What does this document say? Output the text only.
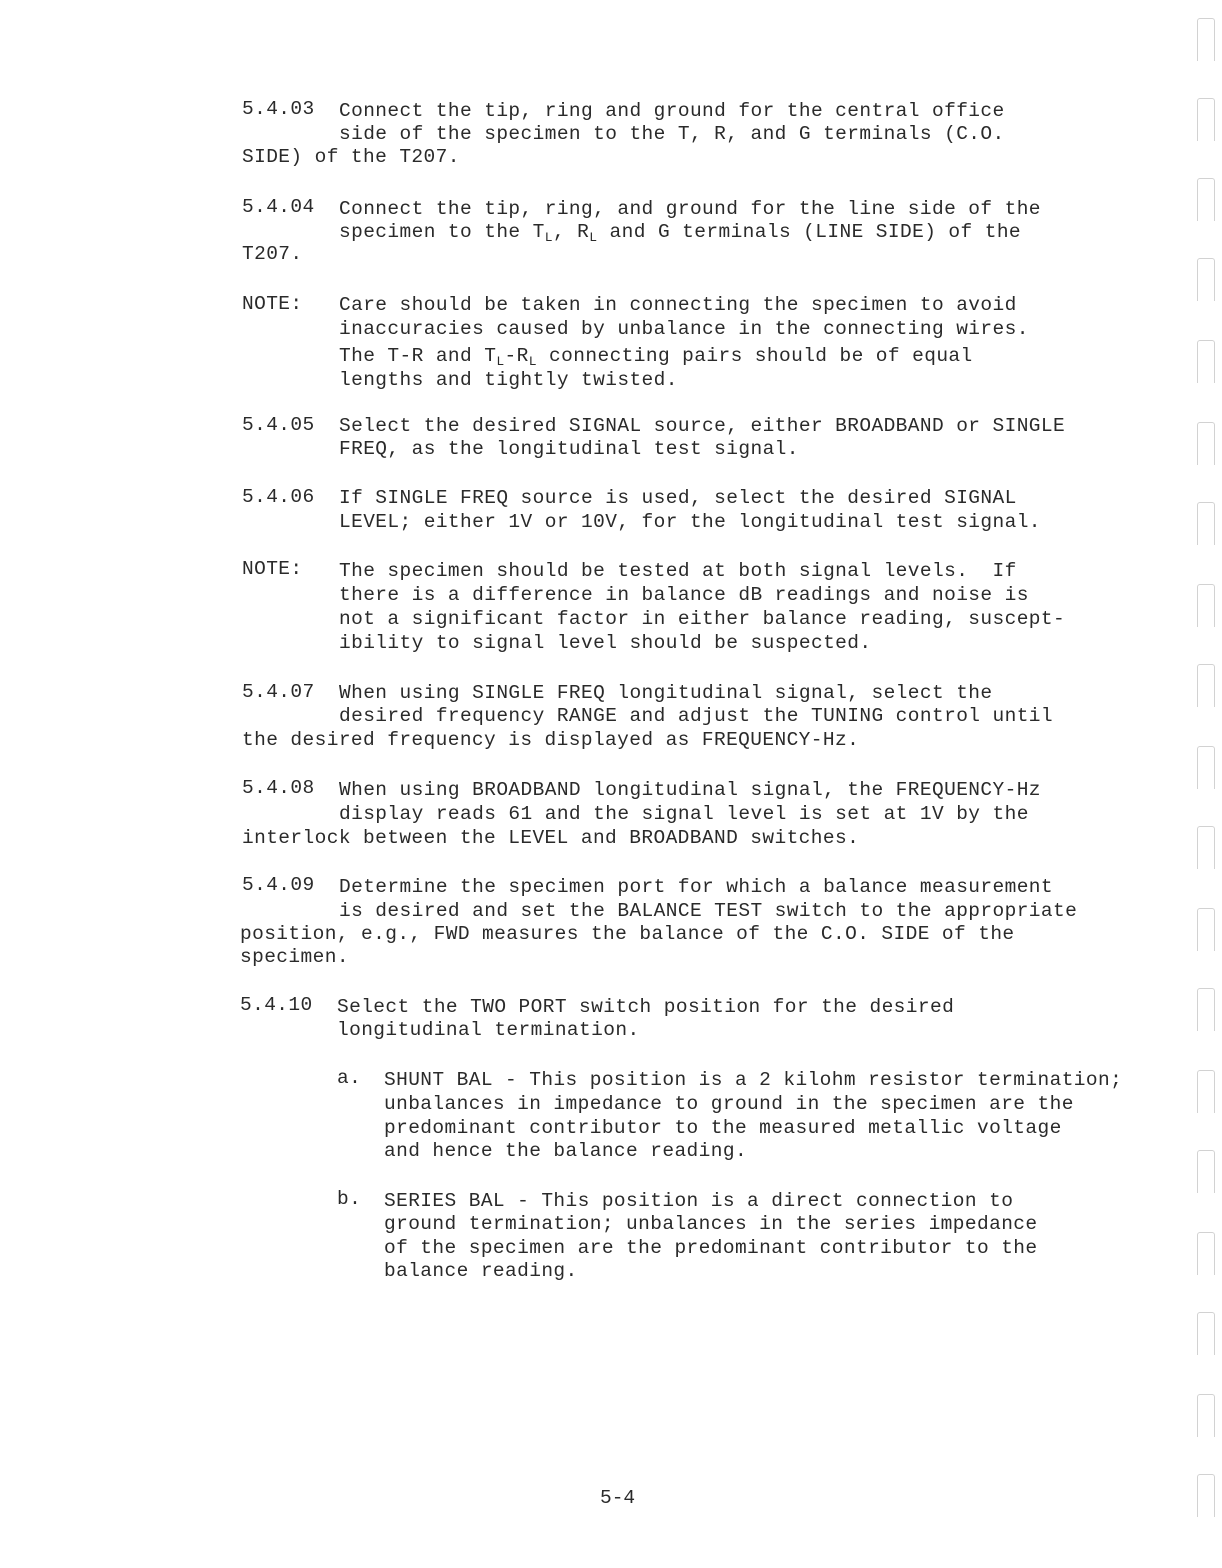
5.4.03 Connect the tip, ring and ground for the central office
side of the specimen to the T, R, and G terminals (C.O.
SIDE) of the T207.
5.4.04 Connect the tip, ring, and ground for the line side of the
specimen to the $T_L$, $R_L$ and G terminals (LINE SIDE) of the
T207.
NOTE: Care should be taken in connecting the specimen to avoid
inaccuracies caused by unbalance in the connecting wires.
The T-R and $T_L-R_L$ connecting pairs should be of equal
lengths and tightly twisted.
5.4.05 Select the desired SIGNAL source, either BROADBAND or SINGLE
FREQ, as the longitudinal test signal.
5.4.06 If SINGLE FREQ source is used, select the desired SIGNAL
LEVEL; either 1V or 10V, for the longitudinal test signal.
NOTE: The specimen should be tested at both signal levels.  If
there is a difference in balance dB readings and noise is
not a significant factor in either balance reading, suscept-
ibility to signal level should be suspected.
5.4.07 When using SINGLE FREQ longitudinal signal, select the
desired frequency RANGE and adjust the TUNING control until
the desired frequency is displayed as FREQUENCY-Hz.
5.4.08 When using BROADBAND longitudinal signal, the FREQUENCY-Hz
display reads 61 and the signal level is set at 1V by the
interlock between the LEVEL and BROADBAND switches.
5.4.09 Determine the specimen port for which a balance measurement
is desired and set the BALANCE TEST switch to the appropriate
position, e.g., FWD measures the balance of the C.O. SIDE of the
specimen.
5.4.10 Select the TWO PORT switch position for the desired
longitudinal termination.
a. SHUNT BAL - This position is a 2 kilohm resistor termination;
unbalances in impedance to ground in the specimen are the
predominant contributor to the measured metallic voltage
and hence the balance reading.
b. SERIES BAL - This position is a direct connection to
ground termination; unbalances in the series impedance
of the specimen are the predominant contributor to the
balance reading.
5-4
